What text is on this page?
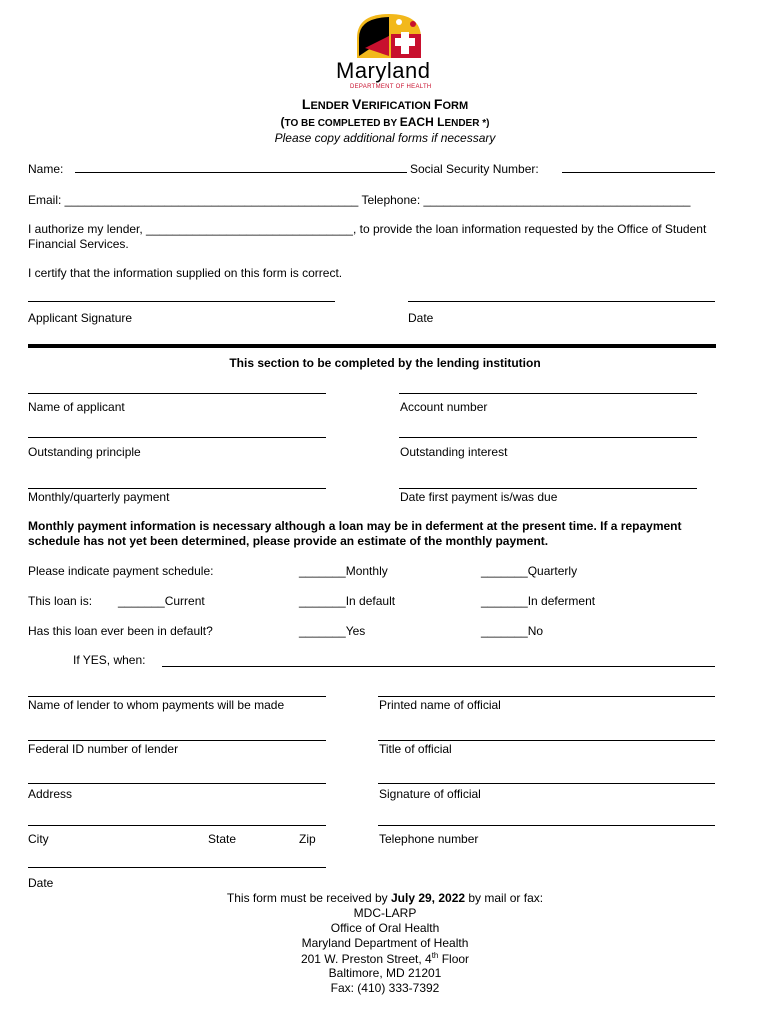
Maryland
DEPARTMENT OF HEALTH
LENDER VERIFICATION FORM
(TO BE COMPLETED BY EACH LENDER *)
Please copy additional forms if necessary
Name:	Social Security Number:
Email: ____________________________________________ Telephone: ________________________________________
I authorize my lender, _______________________________, to provide the loan information requested by the Office of Student
Financial Services.
I certify that the information supplied on this form is correct.
Applicant Signature	Date
This section to be completed by the lending institution
Name of applicant	Account number
Outstanding principle	Outstanding interest
Monthly/quarterly payment	Date first payment is/was due
Monthly payment information is necessary although a loan may be in deferment at the present time. If a repayment
schedule has not yet been determined, please provide an estimate of the monthly payment.
Please indicate payment schedule:	_______Monthly	_______Quarterly
This loan is: _______Current	_______In default	_______In deferment
Has this loan ever been in default?	_______Yes	_______No
If YES, when:
Name of lender to whom payments will be made	Printed name of official
Federal ID number of lender	Title of official
Address	Signature of official
City	State	Zip	Telephone number
Date
This form must be received by July 29, 2022 by mail or fax:
MDC-LARP
Office of Oral Health
Maryland Department of Health
201 W. Preston Street, 4th Floor
Baltimore, MD 21201
Fax: (410) 333-7392
